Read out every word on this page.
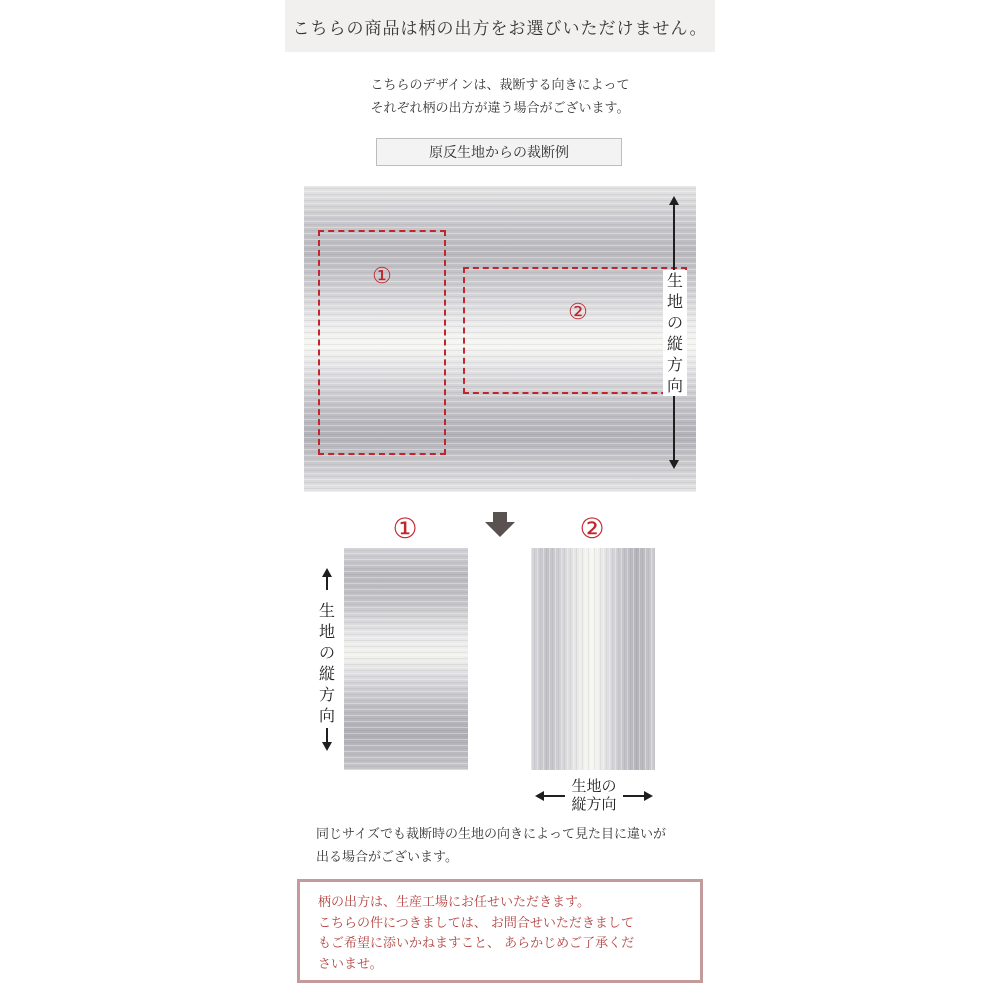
こちらの商品は柄の出方をお選びいただけません。
こちらのデザインは、裁断する向きによって
それぞれ柄の出方が違う場合がございます。
原反生地からの裁断例
①
②
生
地
の
縦
方
向
①	②
生
地
の
縦
方
向
生地の
縦方向
同じサイズでも裁断時の生地の向きによって見た目に違いが
出る場合がございます。
柄の出方は、生産工場にお任せいただきます。
こちらの件につきましては、 お問合せいただきまして
もご希望に添いかねますこと、 あらかじめご了承くだ
さいませ。
